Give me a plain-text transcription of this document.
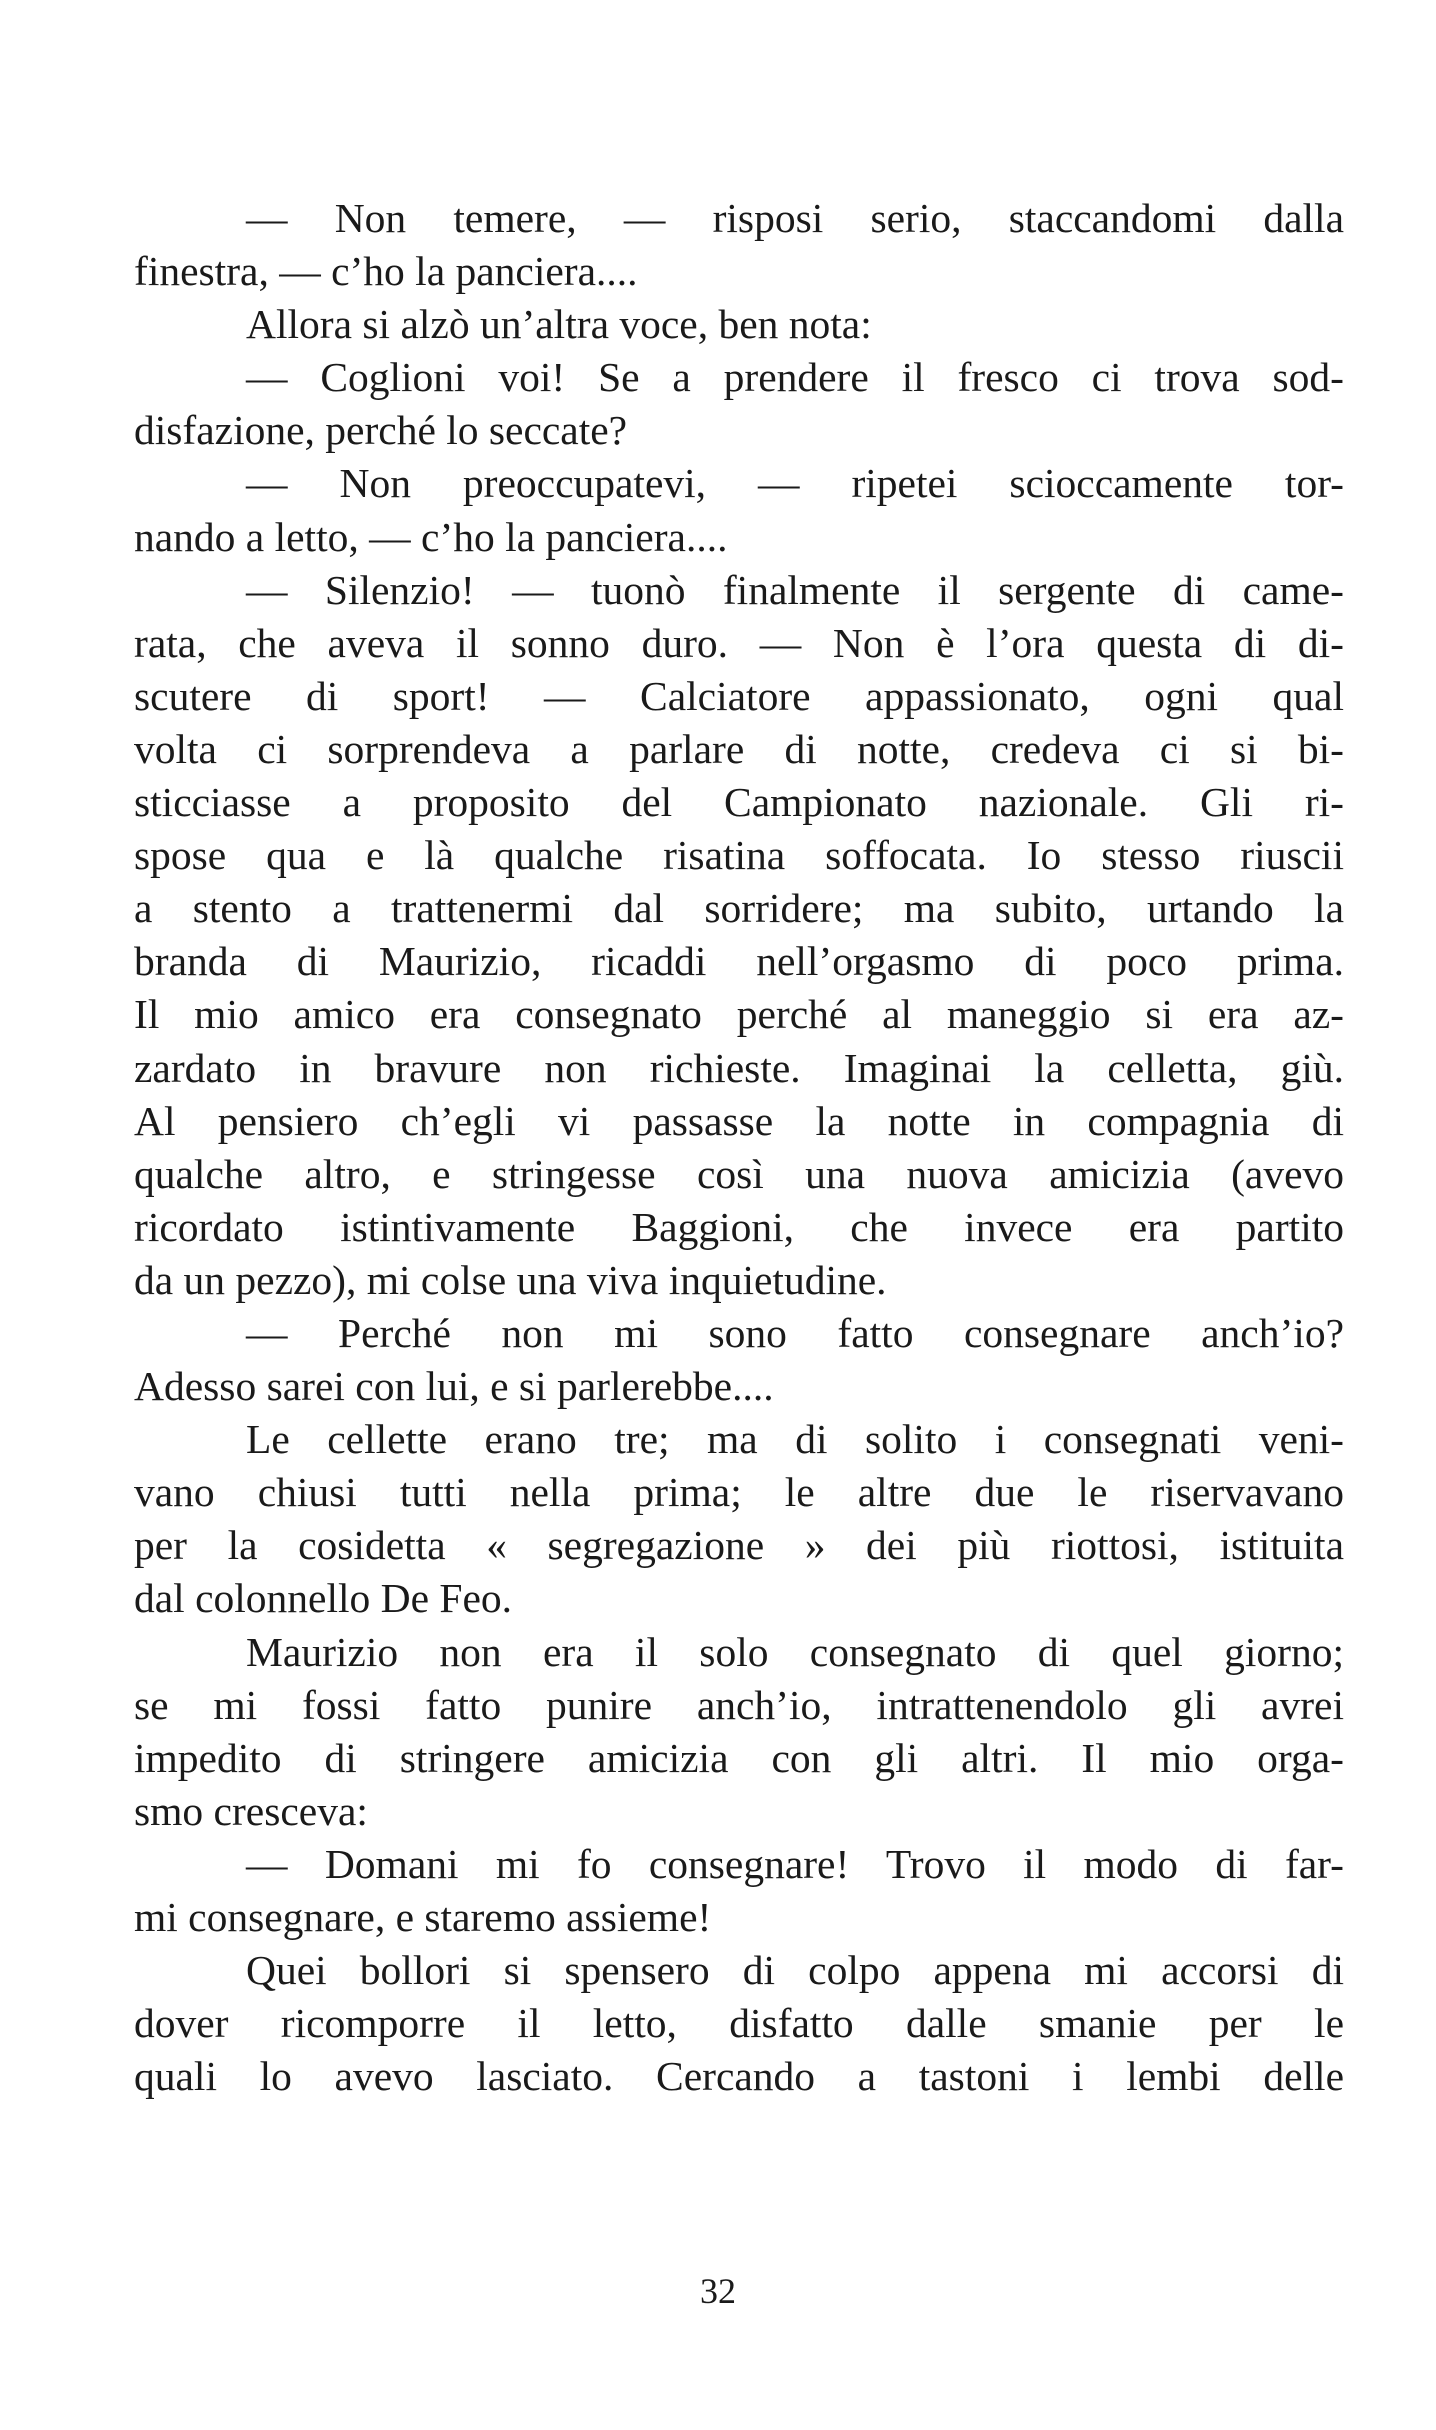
— Non temere, — risposi serio, staccandomi dalla
finestra, — c’ho la panciera....
Allora si alzò un’altra voce, ben nota:
— Coglioni voi! Se a prendere il fresco ci trova sod-
disfazione, perché lo seccate?
— Non preoccupatevi, — ripetei scioccamente tor-
nando a letto, — c’ho la panciera....
— Silenzio! — tuonò finalmente il sergente di came-
rata, che aveva il sonno duro. — Non è l’ora questa di di-
scutere di sport! — Calciatore appassionato, ogni qual
volta ci sorprendeva a parlare di notte, credeva ci si bi-
sticciasse a proposito del Campionato nazionale. Gli ri-
spose qua e là qualche risatina soffocata. Io stesso riuscii
a stento a trattenermi dal sorridere; ma subito, urtando la
branda di Maurizio, ricaddi nell’orgasmo di poco prima.
Il mio amico era consegnato perché al maneggio si era az-
zardato in bravure non richieste. Imaginai la celletta, giù.
Al pensiero ch’egli vi passasse la notte in compagnia di
qualche altro, e stringesse così una nuova amicizia (avevo
ricordato istintivamente Baggioni, che invece era partito
da un pezzo), mi colse una viva inquietudine.
— Perché non mi sono fatto consegnare anch’io?
Adesso sarei con lui, e si parlerebbe....
Le cellette erano tre; ma di solito i consegnati veni-
vano chiusi tutti nella prima; le altre due le riservavano
per la cosidetta « segregazione » dei più riottosi, istituita
dal colonnello De Feo.
Maurizio non era il solo consegnato di quel giorno;
se mi fossi fatto punire anch’io, intrattenendolo gli avrei
impedito di stringere amicizia con gli altri. Il mio orga-
smo cresceva:
— Domani mi fo consegnare! Trovo il modo di far-
mi consegnare, e staremo assieme!
Quei bollori si spensero di colpo appena mi accorsi di
dover ricomporre il letto, disfatto dalle smanie per le
quali lo avevo lasciato. Cercando a tastoni i lembi delle
32
